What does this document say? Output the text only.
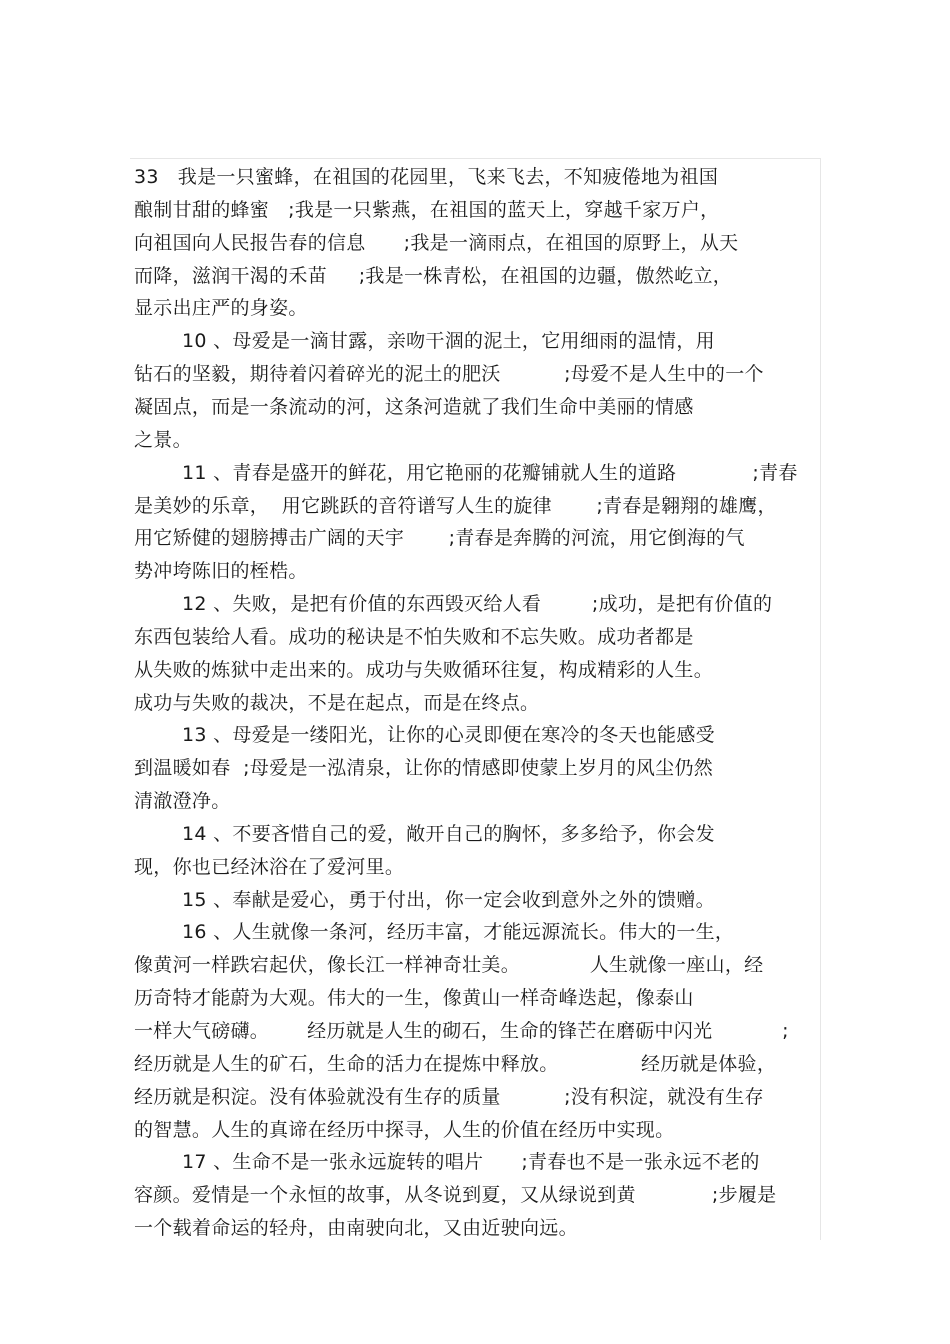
33   我是一只蜜蜂，在祖国的花园里，飞来飞去，不知疲倦地为祖国
酿制甘甜的蜂蜜   ;我是一只紫燕，在祖国的蓝天上，穿越千家万户，
向祖国向人民报告春的信息      ;我是一滴雨点，在祖国的原野上，从天
而降，滋润干渴的禾苗     ;我是一株青松，在祖国的边疆，傲然屹立，
显示出庄严的身姿。
10 、母爱是一滴甘露，亲吻干涸的泥土，它用细雨的温情，用
钻石的坚毅，期待着闪着碎光的泥土的肥沃          ;母爱不是人生中的一个
凝固点，而是一条流动的河，这条河造就了我们生命中美丽的情感
之景。
11 、青春是盛开的鲜花，用它艳丽的花瓣铺就人生的道路            ;青春
是美妙的乐章，  用它跳跃的音符谱写人生的旋律       ;青春是翱翔的雄鹰，
用它矫健的翅膀搏击广阔的天宇       ;青春是奔腾的河流，用它倒海的气
势冲垮陈旧的桎梏。
12 、失败，是把有价值的东西毁灭给人看        ;成功，是把有价值的
东西包装给人看。成功的秘诀是不怕失败和不忘失败。成功者都是
从失败的炼狱中走出来的。成功与失败循环往复，构成精彩的人生。
成功与失败的裁决，不是在起点，而是在终点。
13 、母爱是一缕阳光，让你的心灵即便在寒冷的冬天也能感受
到温暖如春  ;母爱是一泓清泉，让你的情感即使蒙上岁月的风尘仍然
清澈澄净。
14 、不要吝惜自己的爱，敞开自己的胸怀，多多给予，你会发
现，你也已经沐浴在了爱河里。
15 、奉献是爱心，勇于付出，你一定会收到意外之外的馈赠。
16 、人生就像一条河，经历丰富，才能远源流长。伟大的一生，
像黄河一样跌宕起伏，像长江一样神奇壮美。           人生就像一座山，经
历奇特才能蔚为大观。伟大的一生，像黄山一样奇峰迭起，像泰山
一样大气磅礴。      经历就是人生的砌石，生命的锋芒在磨砺中闪光           ;
经历就是人生的矿石，生命的活力在提炼中释放。             经历就是体验，
经历就是积淀。没有体验就没有生存的质量          ;没有积淀，就没有生存
的智慧。人生的真谛在经历中探寻，人生的价值在经历中实现。
17 、生命不是一张永远旋转的唱片      ;青春也不是一张永远不老的
容颜。爱情是一个永恒的故事，从冬说到夏，又从绿说到黄            ;步履是
一个载着命运的轻舟，由南驶向北，又由近驶向远。
